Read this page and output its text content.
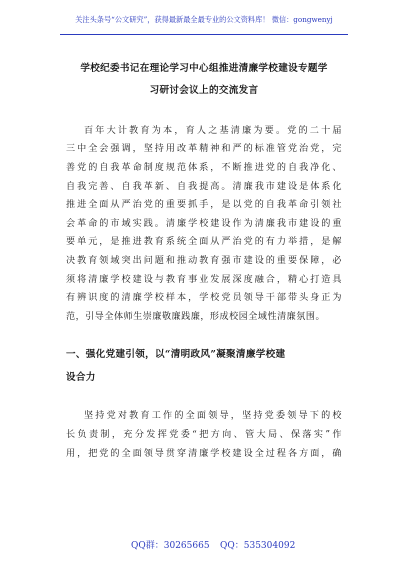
关注头条号“公文研究”，获得最新最全最专业的公文资料库！ 微信：gongwenyj
学校纪委书记在理论学习中心组推进清廉学校建设专题学
习研讨会议上的交流发言
百年大计教育为本，育人之基清廉为要。党的二十届
三中全会强调，坚持用改革精神和严的标准管党治党，完
善党的自我革命制度规范体系，不断推进党的自我净化、
自我完善、自我革新、自我提高。清廉我市建设是体系化
推进全面从严治党的重要抓手，是以党的自我革命引领社
会革命的市域实践。清廉学校建设作为清廉我市建设的重
要单元，是推进教育系统全面从严治党的有力举措，是解
决教育领域突出问题和推动教育强市建设的重要保障，必
须将清廉学校建设与教育事业发展深度融合，精心打造具
有辨识度的清廉学校样本，学校党员领导干部带头身正为
范，引导全体师生崇廉敬廉践廉，形成校园全域性清廉氛围。
一、强化党建引领，以“清明政风”凝聚清廉学校建
设合力
坚持党对教育工作的全面领导，坚持党委领导下的校
长负责制，充分发挥党委“把方向、管大局、保落实”作
用，把党的全面领导贯穿清廉学校建设全过程各方面，确
QQ群：30265665 QQ：535304092
